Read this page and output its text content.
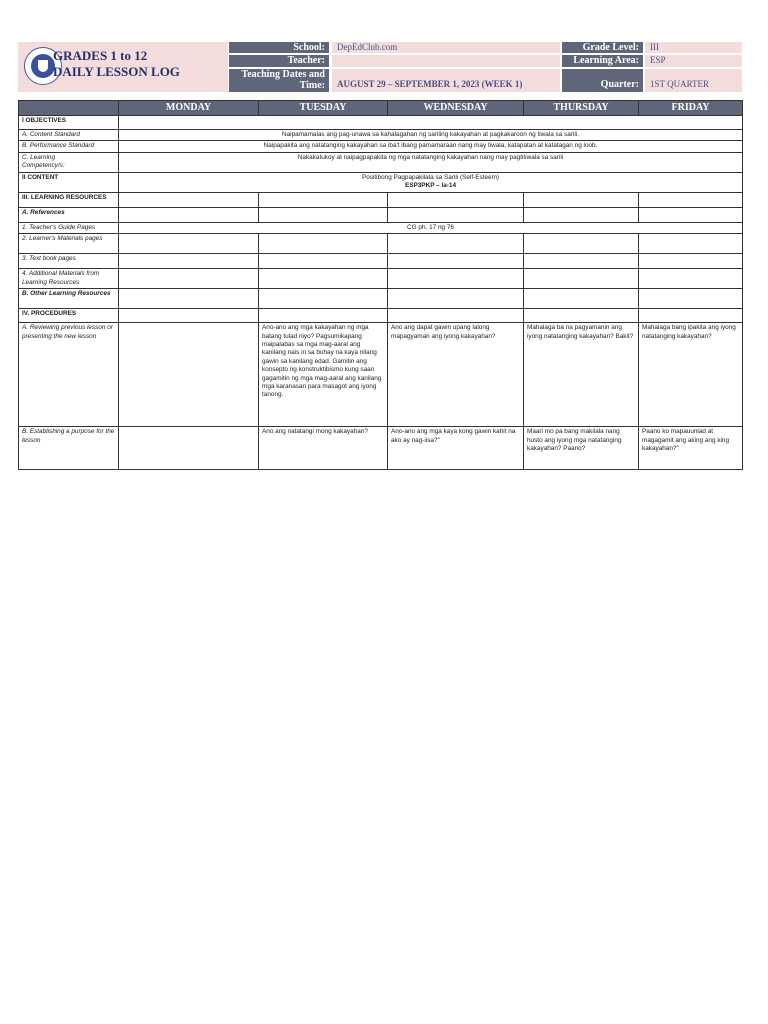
GRADES 1 to 12
DAILY LESSON LOG
School:	DepEdClub.com
Teacher:
Teaching Dates and
Time:	AUGUST 29 – SEPTEMBER 1, 2023 (WEEK 1)
Grade Level:	III
Learning Area:	ESP
Quarter:	1ST QUARTER
	MONDAY	TUESDAY	WEDNESDAY	THURSDAY	FRIDAY
I OBJECTIVES					
A. Content Standard	Naipamamalas ang pag-unawa sa kahalagahan ng sariling kakayahan at pagkakaroon ng tiwala sa sarili.				
B. Performance Standard	Naipapakita ang natatanging kakayahan sa iba't ibang pamamaraan nang may tiwala, katapatan at katatagan ng loob.				

C. Learning
Competency/s:	Nakakatukoy at naipagpapakita ng mga natatanging kakayahan nang may pagtitiwala sa sarili				
II CONTENT	Positibong Pagpapakilala sa Sarili (Self-Esteem)
ESP3PKP – Ia-14				

III. LEARNING RESOURCES					
A. References					
1. Teacher's Guide Pages	CG ph. 17 ng 76				
2. Learner's Materials pages					
3. Text book pages					
4. Additional Materials from Learning Resources					
B. Other Learning Resources					
IV. PROCEDURES					
A. Reviewing previous lesson or presenting the new lesson		Ano-ano ang mga kakayahan ng mga batang tulad niyo? Pagsumikapang maipalabas sa mga mag-aaral ang kanilang nais in sa buhay na kaya nilang gawin sa kanilang edad. Gamitin ang konsepto ng konstruktibismo kung saan gagamitin ng mga mag-aaral ang kanilang mga karanasan para masagot ang iyong tanong.	Ano ang dapat gawin upang lalong mapagyaman ang iyong kakayahan?	Mahalaga ba na pagyamanin ang iyong natatanging kakayahan? Bakit?	Mahalaga bang ipakita ang iyong natatanging kakayahan?
B. Establishing a purpose for the lesson		Ano ang natatangi mong kakayahan?	Ano-ano ang mga kaya kong gawin kahit na ako ay nag-iisa?"	Maari mo pa bang makilala nang husto ang iyong mga natatanging kakayahan? Paano?	Paano ko mapauunlad at magagamit ang aking ang king kakayahan?"
